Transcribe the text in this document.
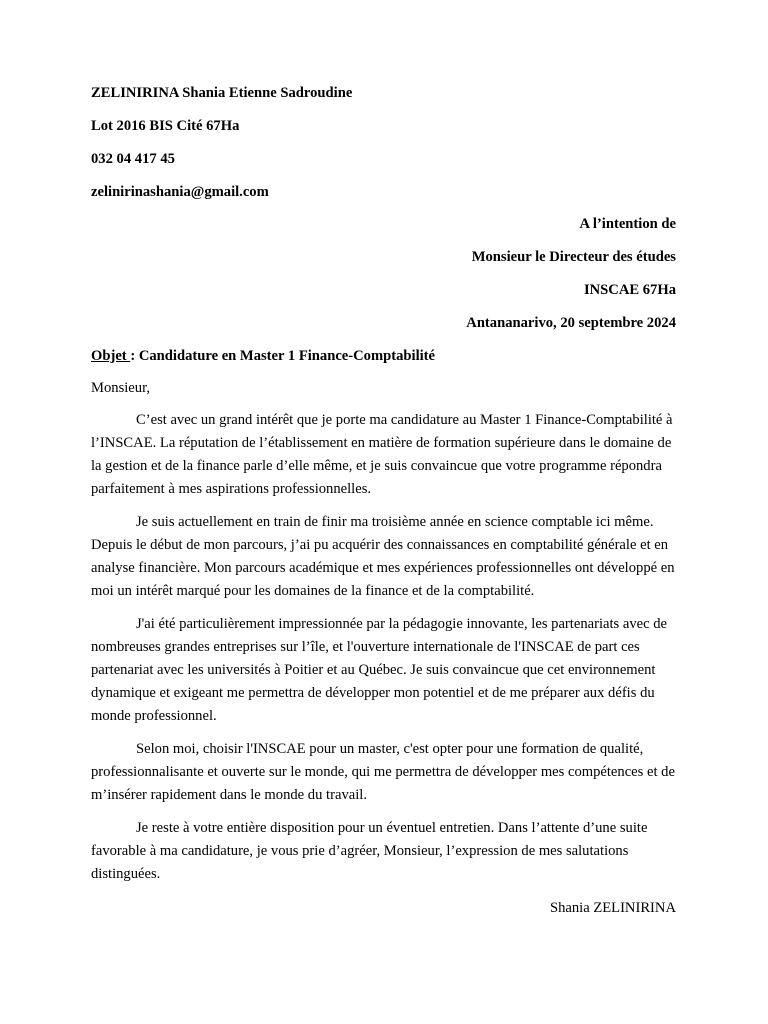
ZELINIRINA Shania Etienne Sadroudine

Lot 2016 BIS Cité 67Ha

032 04 417 45

zelinirinashania@gmail.com

A l’intention de

Monsieur le Directeur des études

INSCAE 67Ha

Antananarivo, 20 septembre 2024

Objet : Candidature en Master 1 Finance-Comptabilité
Monsieur,

C’est avec un grand intérêt que je porte ma candidature au Master 1 Finance-Comptabilité à l’INSCAE. La réputation de l’établissement en matière de formation supérieure dans le domaine de la gestion et de la finance parle d’elle même, et je suis convaincue que votre programme répondra parfaitement à mes aspirations professionnelles.

Je suis actuellement en train de finir ma troisième année en science comptable ici même. Depuis le début de mon parcours, j’ai pu acquérir des connaissances en comptabilité générale et en analyse financière. Mon parcours académique et mes expériences professionnelles ont développé en moi un intérêt marqué pour les domaines de la finance et de la comptabilité.

J'ai été particulièrement impressionnée par la pédagogie innovante, les partenariats avec de nombreuses grandes entreprises sur l’île, et l'ouverture internationale de l'INSCAE de part ces partenariat avec les universités à Poitier et au Québec. Je suis convaincue que cet environnement dynamique et exigeant me permettra de développer mon potentiel et de me préparer aux défis du monde professionnel.

Selon moi, choisir l'INSCAE pour un master, c'est opter pour une formation de qualité, professionnalisante et ouverte sur le monde, qui me permettra de développer mes compétences et de m’insérer rapidement dans le monde du travail.

Je reste à votre entière disposition pour un éventuel entretien. Dans l’attente d’une suite favorable à ma candidature, je vous prie d’agréer, Monsieur, l’expression de mes salutations distinguées.

Shania ZELINIRINA
